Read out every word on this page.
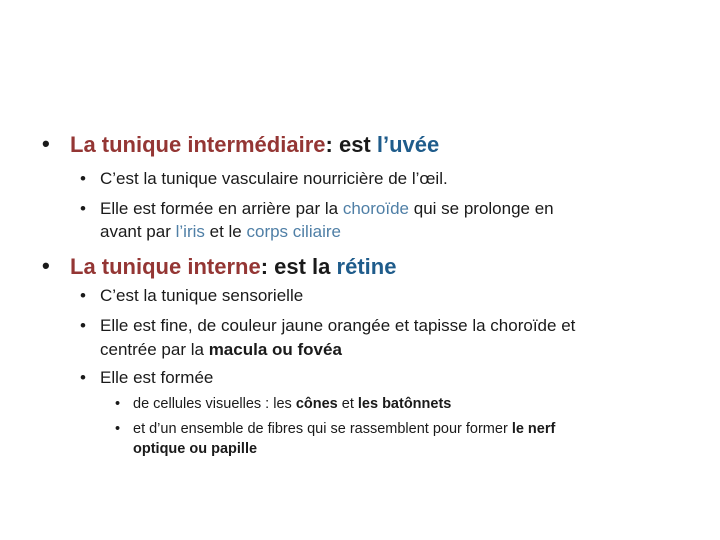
• La tunique intermédiaire: est l’uvée
• C’est la tunique vasculaire nourricière de l’œil.
• Elle est formée en arrière par la choroïde qui se prolonge en
avant par l’iris et le corps ciliaire
• La tunique interne: est la rétine
• C’est la tunique sensorielle
• Elle est fine, de couleur jaune orangée et tapisse la choroïde et
centrée par la macula ou fovéa
• Elle est formée
• de cellules visuelles : les cônes et les batônnets
• et d’un ensemble de fibres qui se rassemblent pour former le nerf
optique ou papille
